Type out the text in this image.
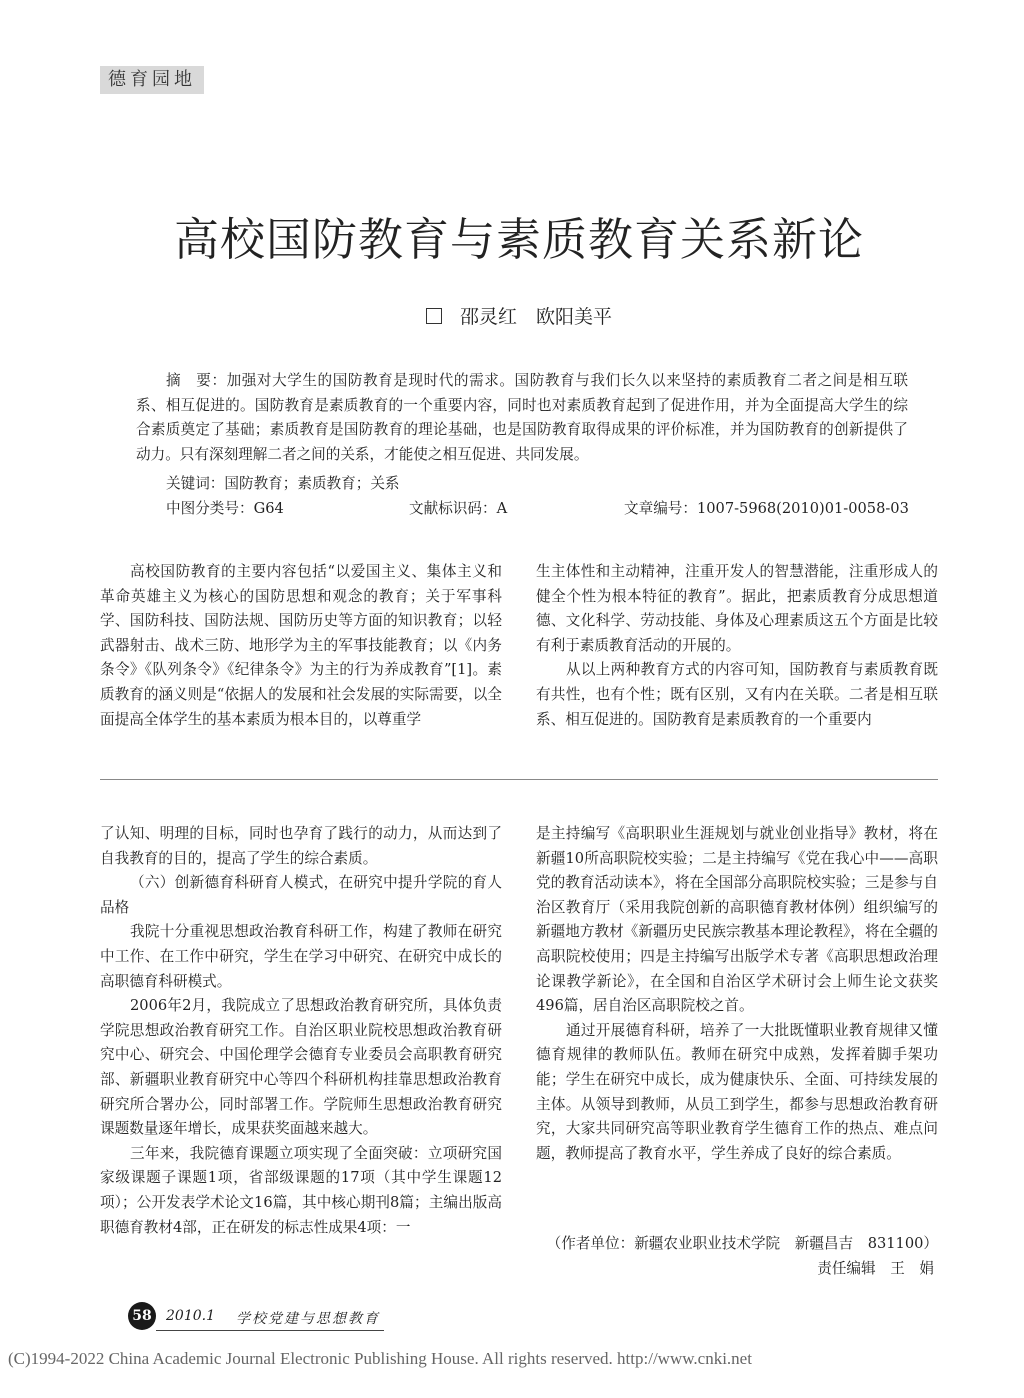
德育园地
高校国防教育与素质教育关系新论
邵灵红　欧阳美平

摘　要：加强对大学生的国防教育是现时代的需求。国防教育与我们长久以来坚持的素质教育二者之间是相互联系、相互促进的。国防教育是素质教育的一个重要内容，同时也对素质教育起到了促进作用，并为全面提高大学生的综合素质奠定了基础；素质教育是国防教育的理论基础，也是国防教育取得成果的评价标准，并为国防教育的创新提供了动力。只有深刻理解二者之间的关系，才能使之相互促进、共同发展。

关键词：国防教育；素质教育；关系

中图分类号：G64	文献标识码：A	文章编号：1007-5968(2010)01-0058-03

高校国防教育的主要内容包括“以爱国主义、集体主义和革命英雄主义为核心的国防思想和观念的教育；关于军事科学、国防科技、国防法规、国防历史等方面的知识教育；以轻武器射击、战术三防、地形学为主的军事技能教育；以《内务条令》《队列条令》《纪律条令》为主的行为养成教育”[1]。素质教育的涵义则是“依据人的发展和社会发展的实际需要，以全面提高全体学生的基本素质为根本目的，以尊重学

生主体性和主动精神，注重开发人的智慧潜能，注重形成人的健全个性为根本特征的教育”。据此，把素质教育分成思想道德、文化科学、劳动技能、身体及心理素质这五个方面是比较有利于素质教育活动的开展的。

从以上两种教育方式的内容可知，国防教育与素质教育既有共性，也有个性；既有区别，又有内在关联。二者是相互联系、相互促进的。国防教育是素质教育的一个重要内

了认知、明理的目标，同时也孕育了践行的动力，从而达到了自我教育的目的，提高了学生的综合素质。

（六）创新德育科研育人模式，在研究中提升学院的育人品格

我院十分重视思想政治教育科研工作，构建了教师在研究中工作、在工作中研究，学生在学习中研究、在研究中成长的高职德育科研模式。

2006年2月，我院成立了思想政治教育研究所，具体负责学院思想政治教育研究工作。自治区职业院校思想政治教育研究中心、研究会、中国伦理学会德育专业委员会高职教育研究部、新疆职业教育研究中心等四个科研机构挂靠思想政治教育研究所合署办公，同时部署工作。学院师生思想政治教育研究课题数量逐年增长，成果获奖面越来越大。

三年来，我院德育课题立项实现了全面突破：立项研究国家级课题子课题1项，省部级课题的17项（其中学生课题12项）；公开发表学术论文16篇，其中核心期刊8篇；主编出版高职德育教材4部，正在研发的标志性成果4项：一

是主持编写《高职职业生涯规划与就业创业指导》教材，将在新疆10所高职院校实验；二是主持编写《党在我心中——高职党的教育活动读本》，将在全国部分高职院校实验；三是参与自治区教育厅（采用我院创新的高职德育教材体例）组织编写的新疆地方教材《新疆历史民族宗教基本理论教程》，将在全疆的高职院校使用；四是主持编写出版学术专著《高职思想政治理论课教学新论》，在全国和自治区学术研讨会上师生论文获奖496篇，居自治区高职院校之首。

通过开展德育科研，培养了一大批既懂职业教育规律又懂德育规律的教师队伍。教师在研究中成熟，发挥着脚手架功能；学生在研究中成长，成为健康快乐、全面、可持续发展的主体。从领导到教师，从员工到学生，都参与思想政治教育研究，大家共同研究高等职业教育学生德育工作的热点、难点问题，教师提高了教育水平，学生养成了良好的综合素质。

（作者单位：新疆农业职业技术学院　新疆昌吉　831100）
责任编辑　王　娟
58	2010.1 学校党建与思想教育
(C)1994-2022 China Academic Journal Electronic Publishing House. All rights reserved. http://www.cnki.net
